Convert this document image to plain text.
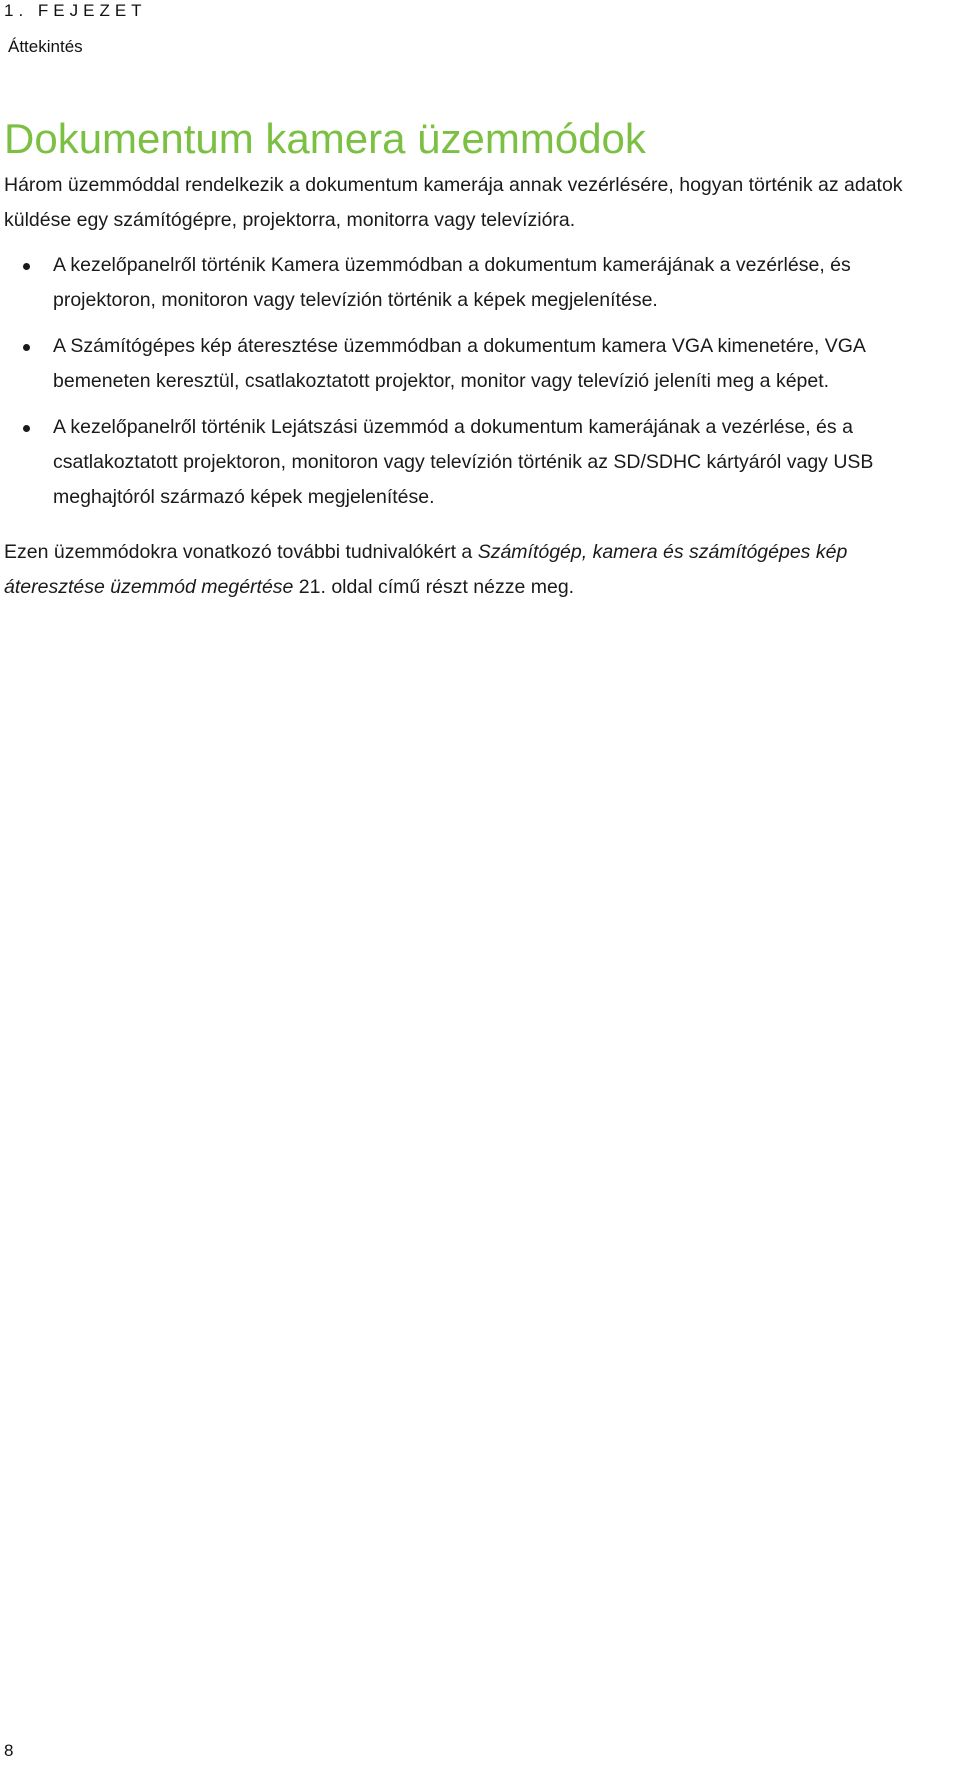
1. FEJEZET
Áttekintés
Dokumentum kamera üzemmódok

Három üzemmóddal rendelkezik a dokumentum kamerája annak vezérlésére, hogyan történik az adatok küldése egy számítógépre, projektorra, monitorra vagy televízióra.

A kezelőpanelről történik Kamera üzemmódban a dokumentum kamerájának a vezérlése, és projektoron, monitoron vagy televízión történik a képek megjelenítése.
A Számítógépes kép áteresztése üzemmódban a dokumentum kamera VGA kimenetére, VGA bemeneten keresztül, csatlakoztatott projektor, monitor vagy televízió jeleníti meg a képet.
A kezelőpanelről történik Lejátszási üzemmód a dokumentum kamerájának a vezérlése, és a csatlakoztatott projektoron, monitoron vagy televízión történik az SD/SDHC kártyáról vagy USB meghajtóról származó képek megjelenítése.

Ezen üzemmódokra vonatkozó további tudnivalókért a Számítógép, kamera és számítógépes kép áteresztése üzemmód megértése 21. oldal című részt nézze meg.

8
